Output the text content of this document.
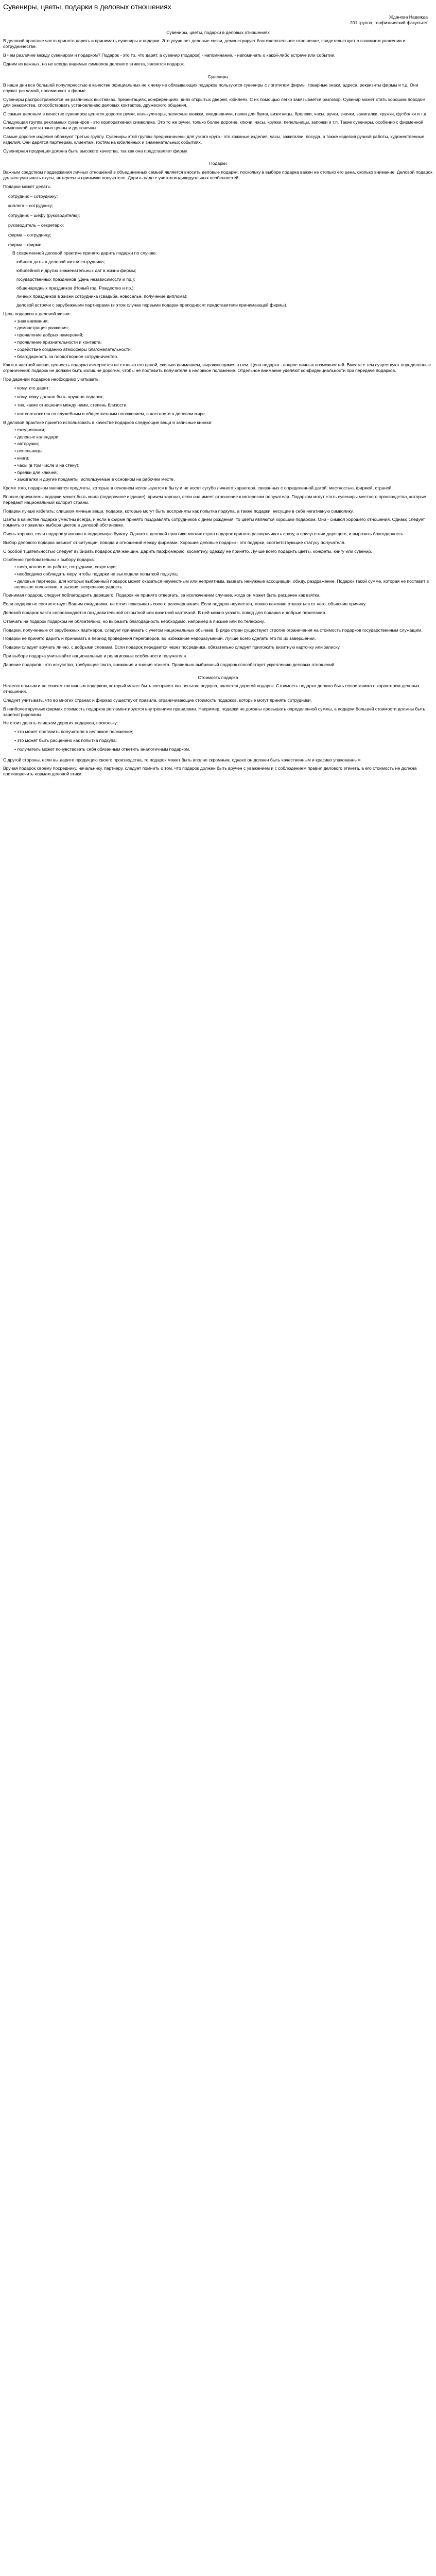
Сувениры, цветы, подарки в деловых отношениях
Жданова Надежда
201 группа, геофизический факультет
Сувениры, цветы, подарки в деловых отношениях
В деловой практике часто принято дарить и принимать сувениры и подарки. Это улучшает деловые связи, демонстрирует благожелательное отношение, свидетельствует о взаимном уважении и сотрудничестве.
В чем различие между сувениром и подарком? Подарок - это то, что дарят, а сувенир (подарок) - напоминание, - напоминать о какой-либо встрече или событии.
Одним из важных, но не всегда видимых символов делового этикета, является подарок.
Сувениры
В наши дни все большей популярностью в качестве официальных не к чему не обязывающих подарков пользуются сувениры с логотипом фирмы, товарные знаки, адреса, реквизиты фирмы и т.д. Они служат рекламой, напоминают о фирме.
Сувениры распространяются на различных выставках, презентациях, конференциях, днях открытых дверей, юбилеях. С их помощью легко завязывается разговор. Сувенир может стать хорошим поводом для знакомства, способствовать установлению деловых контактов, дружеского общения.
С самым деловым в качестве сувениров ценятся дорогие ручки, калькуляторы, записные книжки, ежедневники, папки для бумаг, визитницы, брелоки, часы, ручки, значки, зажигалки, кружки, футболки и т.д.
Следующая группа рекламных сувениров - это корпоративная символика. Это то же ручки, только более дорогие, ключи, часы, кружки, пепельницы, запонки и т.п. Такие сувениры, особенно с фирменной символикой, достаточно ценны и долговечны.
Самые дорогие изделия образуют третью группу. Сувениры этой группы предназначены для узкого круга - это кожаные изделия, часы, зажигалки, посуда, а также изделия ручной работы, художественные изделия. Они дарятся партнерам, клиентам, гостям на юбилейных и знаменательных событиях.
Сувенирная продукция должна быть высокого качества, так как она представляет фирму.
Подарки
Важным средством поддержания личных отношений в объединенных семьей является вносить деловые подарки, поскольку в выборе подарка важен не столько его цена, сколько внимание. Деловой подарок должен учитывать вкусы, интересы и привычки получателя. Дарить надо с учетом индивидуальных особенностей.
Подарки может делать:
сотрудник – сотруднику;
коллега – сотруднику;
сотрудник – шефу (руководителю);
руководитель – секретарю;
фирма – сотруднику;
фирма – фирме.
В современной деловой практике принято дарить подарки по случаю:
юбилея даты в деловой жизни сотрудника;
юбилейной и других знаменательных дат в жизни фирмы;
государственных праздников (День независимости и пр.);
общенародных праздников (Новый год, Рождество и пр.);
личных праздников в жизни сотрудника (свадьба, новоселье, получение диплома);
деловой встречи с зарубежными партнерами (в этом случае первыми подарки преподносят представители принимающей фирмы).
Цель подарков в деловой жизни:
• знак внимания;
• демонстрация уважения;
• проявление добрых намерений;
• проявление признательности и контакта;
• содействие созданию атмосферы благожелательности;
• благодарность за плодотворное сотрудничество.
Как и в частной жизни, ценность подарка измеряется не столько его ценой, сколько вниманием, выражающимся в нем. Цена подарка - вопрос личных возможностей. Вместе с тем существуют определенные ограничения: подарок не должен быть излишне дорогим, чтобы не поставить получателя в неловкое положение. Отдельное внимание уделяют конфиденциальности при передаче подарков.
При дарении подарков необходимо учитывать:
• кому, кто дарит;
• кому, кому должно быть вручено подарок;
• тип, какие отношения между ними, степень близости;
• как соотносится со служебным и общественным положением, в частности в деловом мире.
В деловой практике принято использовать в качестве подарков следующие вещи и записные книжки:
• ежедневники;
• деловые календари;
• авторучки;
• пепельницы;
• книги;
• часы (в том числе и на стену);
• брелки для ключей;
• зажигалки и другие предметы, используемые в основном на рабочем месте.
Кроме того, подарком являются предметы, которые в основном используются в быту и не носят сугубо личного характера, связанных с определенной датой, местностью, фирмой, страной.
Вполне приемлемы подарки может быть книга (подарочное издание), причем хорошо, если она имеет отношение к интересам получателя. Подарком могут стать сувениры местного производства, которые передают национальный колорит страны.
Подарки лучше избегать: слишком личные вещи, подарки, которые могут быть восприняты как попытка подкупа, а также подарки, несущие в себе негативную символику.
Цветы в качестве подарка уместны всегда, и если в фирме принято поздравлять сотрудников с днем рождения, то цветы являются хорошим подарком. Они - символ хорошего отношения. Однако следует помнить о правилах выбора цветов в деловой обстановке.
Очень хорошо, если подарок упакован в подарочную бумагу. Однако в деловой практике многих стран подарок принято разворачивать сразу, в присутствии дарящего, и выразить благодарность.
Выбор делового подарка зависит от ситуации, повода и отношений между фирмами. Хорошие деловые подарки - это подарки, соответствующие статусу получателя.
С особой тщательностью следует выбирать подарок для женщин. Дарить парфюмерию, косметику, одежду не принято. Лучше всего подарить цветы, конфеты, книгу или сувенир.
Особенно требовательны к выбору подарка:
• шеф, коллеги по работе, сотрудники, секретари;
• необходимо соблюдать меру, чтобы подарки не выглядели попыткой подкупа;
• деловые партнеры, для которых выбранный подарок может оказаться неуместным или неприятным, вызвать ненужные ассоциации, обиду, раздражение. Подарок такой сумме, которая не поставит в неловкое положение, а вызовет искреннюю радость.
Принимая подарок, следует поблагодарить дарящего. Подарок не принято отвергать, за исключением случаев, когда он может быть расценен как взятка.
Если подарок не соответствует Вашим ожиданиям, не стоит показывать своего разочарования. Если подарок неуместен, можно вежливо отказаться от него, объяснив причину.
Деловой подарок часто сопровождается поздравительной открыткой или визитной карточкой. В ней можно указать повод для подарка и добрые пожелания.
Отвечать на подарок подарком не обязательно, но выразить благодарность необходимо, например в письме или по телефону.
Подарки, полученные от зарубежных партнеров, следует принимать с учетом национальных обычаев. В ряде стран существуют строгие ограничения на стоимость подарков государственным служащим.
Подарки не принято дарить и принимать в период проведения переговоров, во избежание недоразумений. Лучше всего сделать это по их завершении.
Подарки следует вручать лично, с добрыми словами. Если подарок передается через посредника, обязательно следует приложить визитную карточку или записку.
При выборе подарка учитывайте национальные и религиозные особенности получателя.
Дарение подарков - это искусство, требующее такта, внимания и знания этикета. Правильно выбранный подарок способствует укреплению деловых отношений.
Стоимость подарка
Нежелательным и не совсем тактичным подарком, который может быть воспринят как попытка подкупа, является дорогой подарок. Стоимость подарка должна быть сопоставима с характером деловых отношений.
Следует учитывать, что во многих странах и фирмах существуют правила, ограничивающие стоимость подарков, которые могут принять сотрудники.
В наиболее крупных фирмах стоимость подарков регламентируется внутренними правилами. Например, подарки не должны превышать определенной суммы, а подарки большей стоимости должны быть зарегистрированы.
Не стоит делать слишком дорогих подарков, поскольку:
• это может поставить получателя в неловкое положение;
• это может быть расценено как попытка подкупа;
• получатель может почувствовать себя обязанным ответить аналогичным подарком.
С другой стороны, если вы дарите продукцию своего производства, то подарок может быть вполне скромным, однако он должен быть качественным и красиво упакованным.
Вручая подарок своему посреднику, начальнику, партнеру, следует помнить о том, что подарок должен быть вручен с уважением и с соблюдением правил делового этикета, а его стоимость не должна противоречить нормам деловой этики.
